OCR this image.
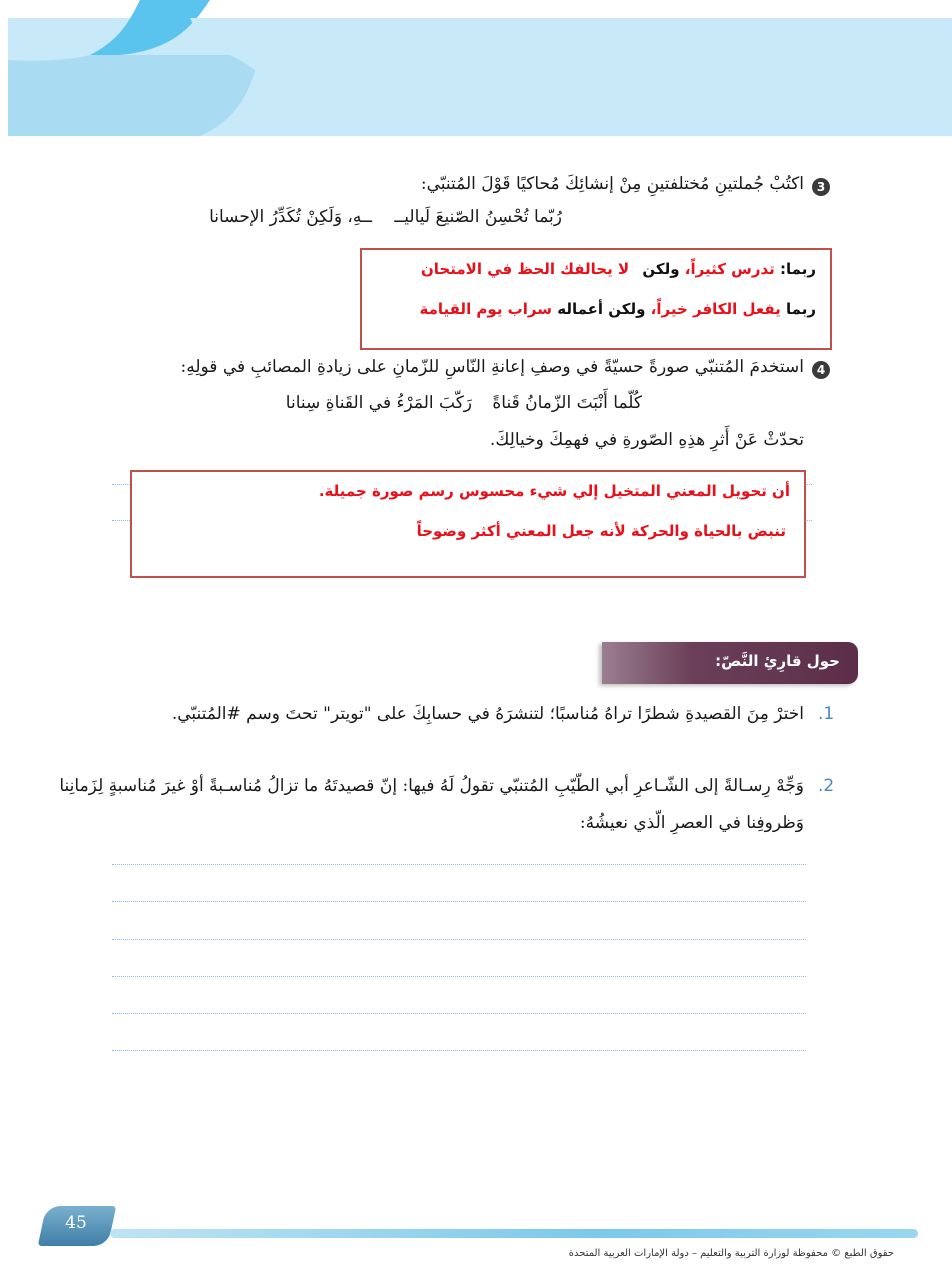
3
اكتُبْ جُملتينِ مُختلفتينِ مِنْ إنشائِكَ مُحاكيًا قَوْلَ المُتنبّي:
رُبّما تُحْسِنُ الصّنيعَ لَياليــ
ــهِ، وَلَكِنْ تُكَدِّرُ الإحسانا
ربما: تدرس كثيراً، ولكن لا يحالفك الحظ في الامتحان
ربما يفعل الكافر خيراً، ولكن أعماله سراب يوم القيامة
4
استخدمَ المُتنبّي صورةً حسيّةً في وصفِ إعانةِ النّاسِ للزّمانِ على زيادةِ المصائبِ في قولِهِ:
كُلّما أَنْبَتَ الزّمانُ قَناةً
رَكّبَ المَرْءُ في القَناةِ سِنانا
تحدّثْ عَنْ أَثرِ هذِهِ الصّورةِ في فهمِكَ وخيالِكَ.
أن تحويل المعني المتخيل إلي شيء محسوس رسم صورة جميلة.
تنبض بالحياة والحركة لأنه جعل المعني أكثر وضوحاً
حول قارِئِ النَّصّ:
.1
اخترْ مِنَ القصيدةِ شطرًا تراهُ مُناسبًا؛ لتنشرَهُ في حسابِكَ على "تويتر" تحتَ وسم #المُتنبّي.
.2
وَجِّهْ رِسـالةً إلى الشّـاعرِ أبي الطّيّبِ المُتنبّي تقولُ لَهُ فيها: إنّ قصيدتَهُ ما تزالُ مُناسـبةً أوْ غيرَ مُناسبةٍ لِزَمانِنا
وَظروفِنا في العصرِ الّذي نعيشُهُ:
45
حقوق الطبع © محفوظة لوزارة التربية والتعليم – دولة الإمارات العربية المتحدة
